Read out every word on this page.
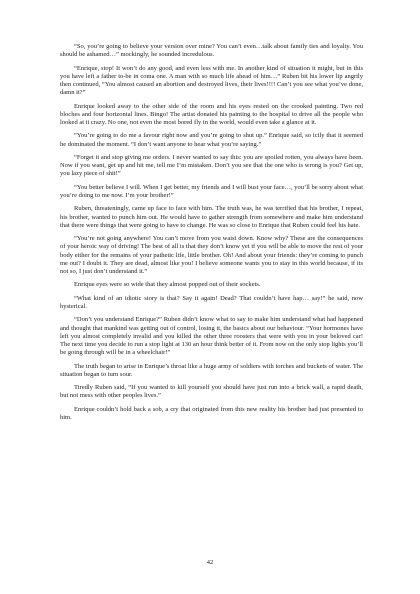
“So, you’re going to believe your version over mine? You can’t even…talk about family ties and loyalty. You should be ashamed…” mockingly, he sounded incredulous.

“Enrique, stop! It won’t do any good, and even less with me. In another kind of situation it might, but in this you have left a father to-be in coma one. A man with so much life ahead of him…” Ruben bit his lower lip angrily then continued, “You almost caused an abortion and destroyed lives, their lives!!!! Can’t you see what you’ve done, damn it?”

Enrique looked away to the other side of the room and his eyes rested on the crooked painting. Two red bloches and four horizontal lines. Bingo! The artist donated his painting to the hospital to drive all the people who looked at it crazy. No one, not even the most bored fly in the world, would even take a glance at it.

“You’re going to do me a favour right now and you’re going to shut up.” Enrique said, so icily that it seemed he dominated the moment. “I don’t want anyone to hear what you’re saying.”

“Forget it and stop giving me orders. I never wanted to say this: you are spoiled rotten, you always have been. Now if you want, get up and hit me, tell me I’m mistaken. Don’t you see that the one who is wrong is you? Get up, you lazy piece of shit!”

“You better believe I will. When I get better, my friends and I will bust your face…, you’ll be sorry about what you’re doing to me now. I’m your brother!”

Ruben, threateningly, came up face to face with him. The truth was, he was terrified that his brother, I repeat, his brother, wanted to punch him out. He would have to gather strength from somewhere and make him understand that there were things that were going to have to change. He was so close to Enrique that Ruben could feel his hate.

“You’re not going anywhere! You can’t move from you waist down. Know why? These are the consequences of your heroic way of driving! The best of all is that they don’t know yet if you will be able to move the rest of your body either for the remains of your pathetic life, little brother. Oh! And about your friends: they’re coming to punch me out? I doubt it. They are dead, almost like you! I believe someone wants you to stay in this world because, if its not so, I just don’t understand it.”

Enrique eyes were so wide that they almost popped out of their sockets.

“What kind of an idiotic story is that? Say it again! Dead? That couldn’t have hap… say!” he said, now hysterical.

“Don’t you understand Enrique?” Ruben didn’t know what to say to make him understand what had happened and thought that mankind was getting out of control, losing it, the basics about our behaviour. “Your hormones have left you almost completely invalid and you killed the other three roosters that were with you in your beloved car! The next time you decide to run a stop light at 130 an hour think better of it. From now on the only stop lights you’ll be going through will be in a wheelchair!”

The truth began to arise in Enrique’s throat like a huge army of soldiers with torches and buckets of water. The situation began to turn sour.

Tiredly Ruben said, “If you wanted to kill yourself you should have just run into a brick wall, a rapid death, but not mess with other peoples lives.”

Enrique couldn’t hold back a sob, a cry that originated from this new reality his brother had just presented to him.

42
